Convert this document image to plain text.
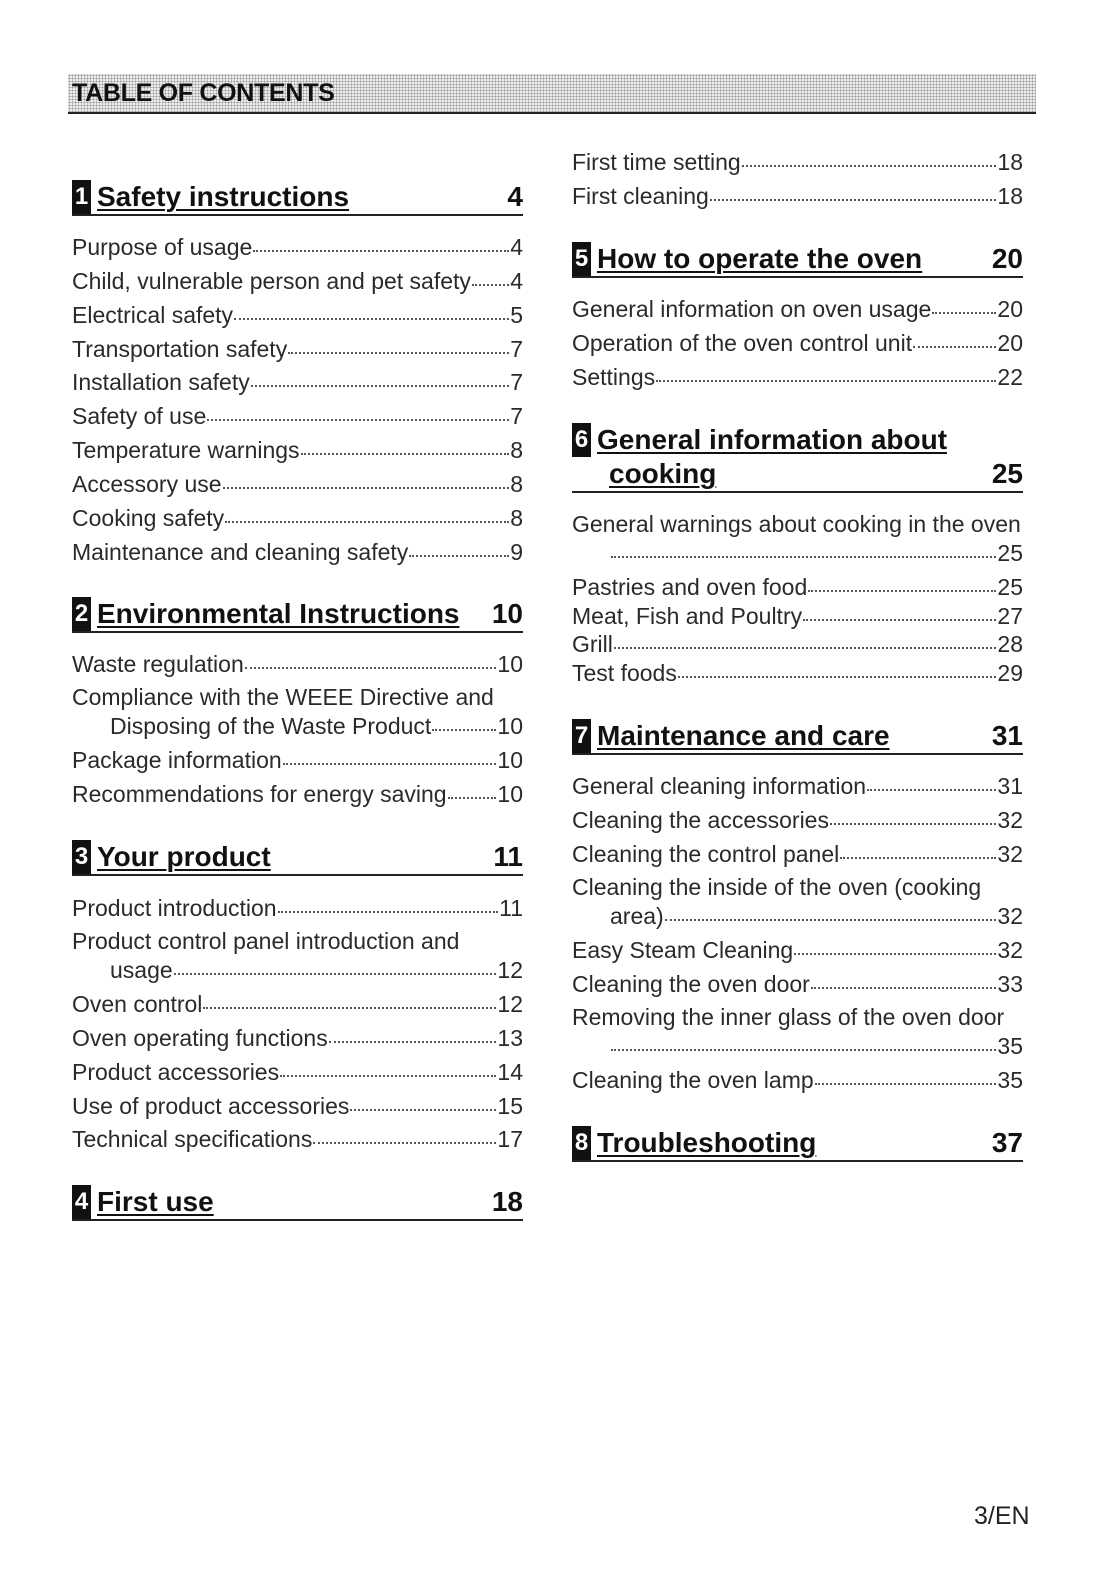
TABLE OF CONTENTS
1 Safety instructions	4
Purpose of usage	4
Child, vulnerable person and pet safety 4
Electrical safety	5
Transportation safety	7
Installation safety	7
Safety of use	7
Temperature warnings	8
Accessory use	8
Cooking safety	8
Maintenance and cleaning safety	9
2 Environmental Instructions 10
Waste regulation	10
Compliance with the WEEE Directive and
Disposing of the Waste Product	10
Package information	10
Recommendations for energy saving 10
3 Your product	11
Product introduction	11
Product control panel introduction and
usage	12
Oven control	12
Oven operating functions	13
Product accessories	14
Use of product accessories	15
Technical specifications	17
4 First use	18
First time setting	18
First cleaning	18
5 How to operate the oven 20
General information on oven usage	20
Operation of the oven control unit	20
Settings	22
6 General information about
cooking	25
General warnings about cooking in the oven
25
Pastries and oven food	25
Meat, Fish and Poultry	27
Grill	28
Test foods	29
7 Maintenance and care	31
General cleaning information	31
Cleaning the accessories	32
Cleaning the control panel	32
Cleaning the inside of the oven (cooking
area)	32
Easy Steam Cleaning	32
Cleaning the oven door	33
Removing the inner glass of the oven door
35
Cleaning the oven lamp	35
8 Troubleshooting	37
3/EN
